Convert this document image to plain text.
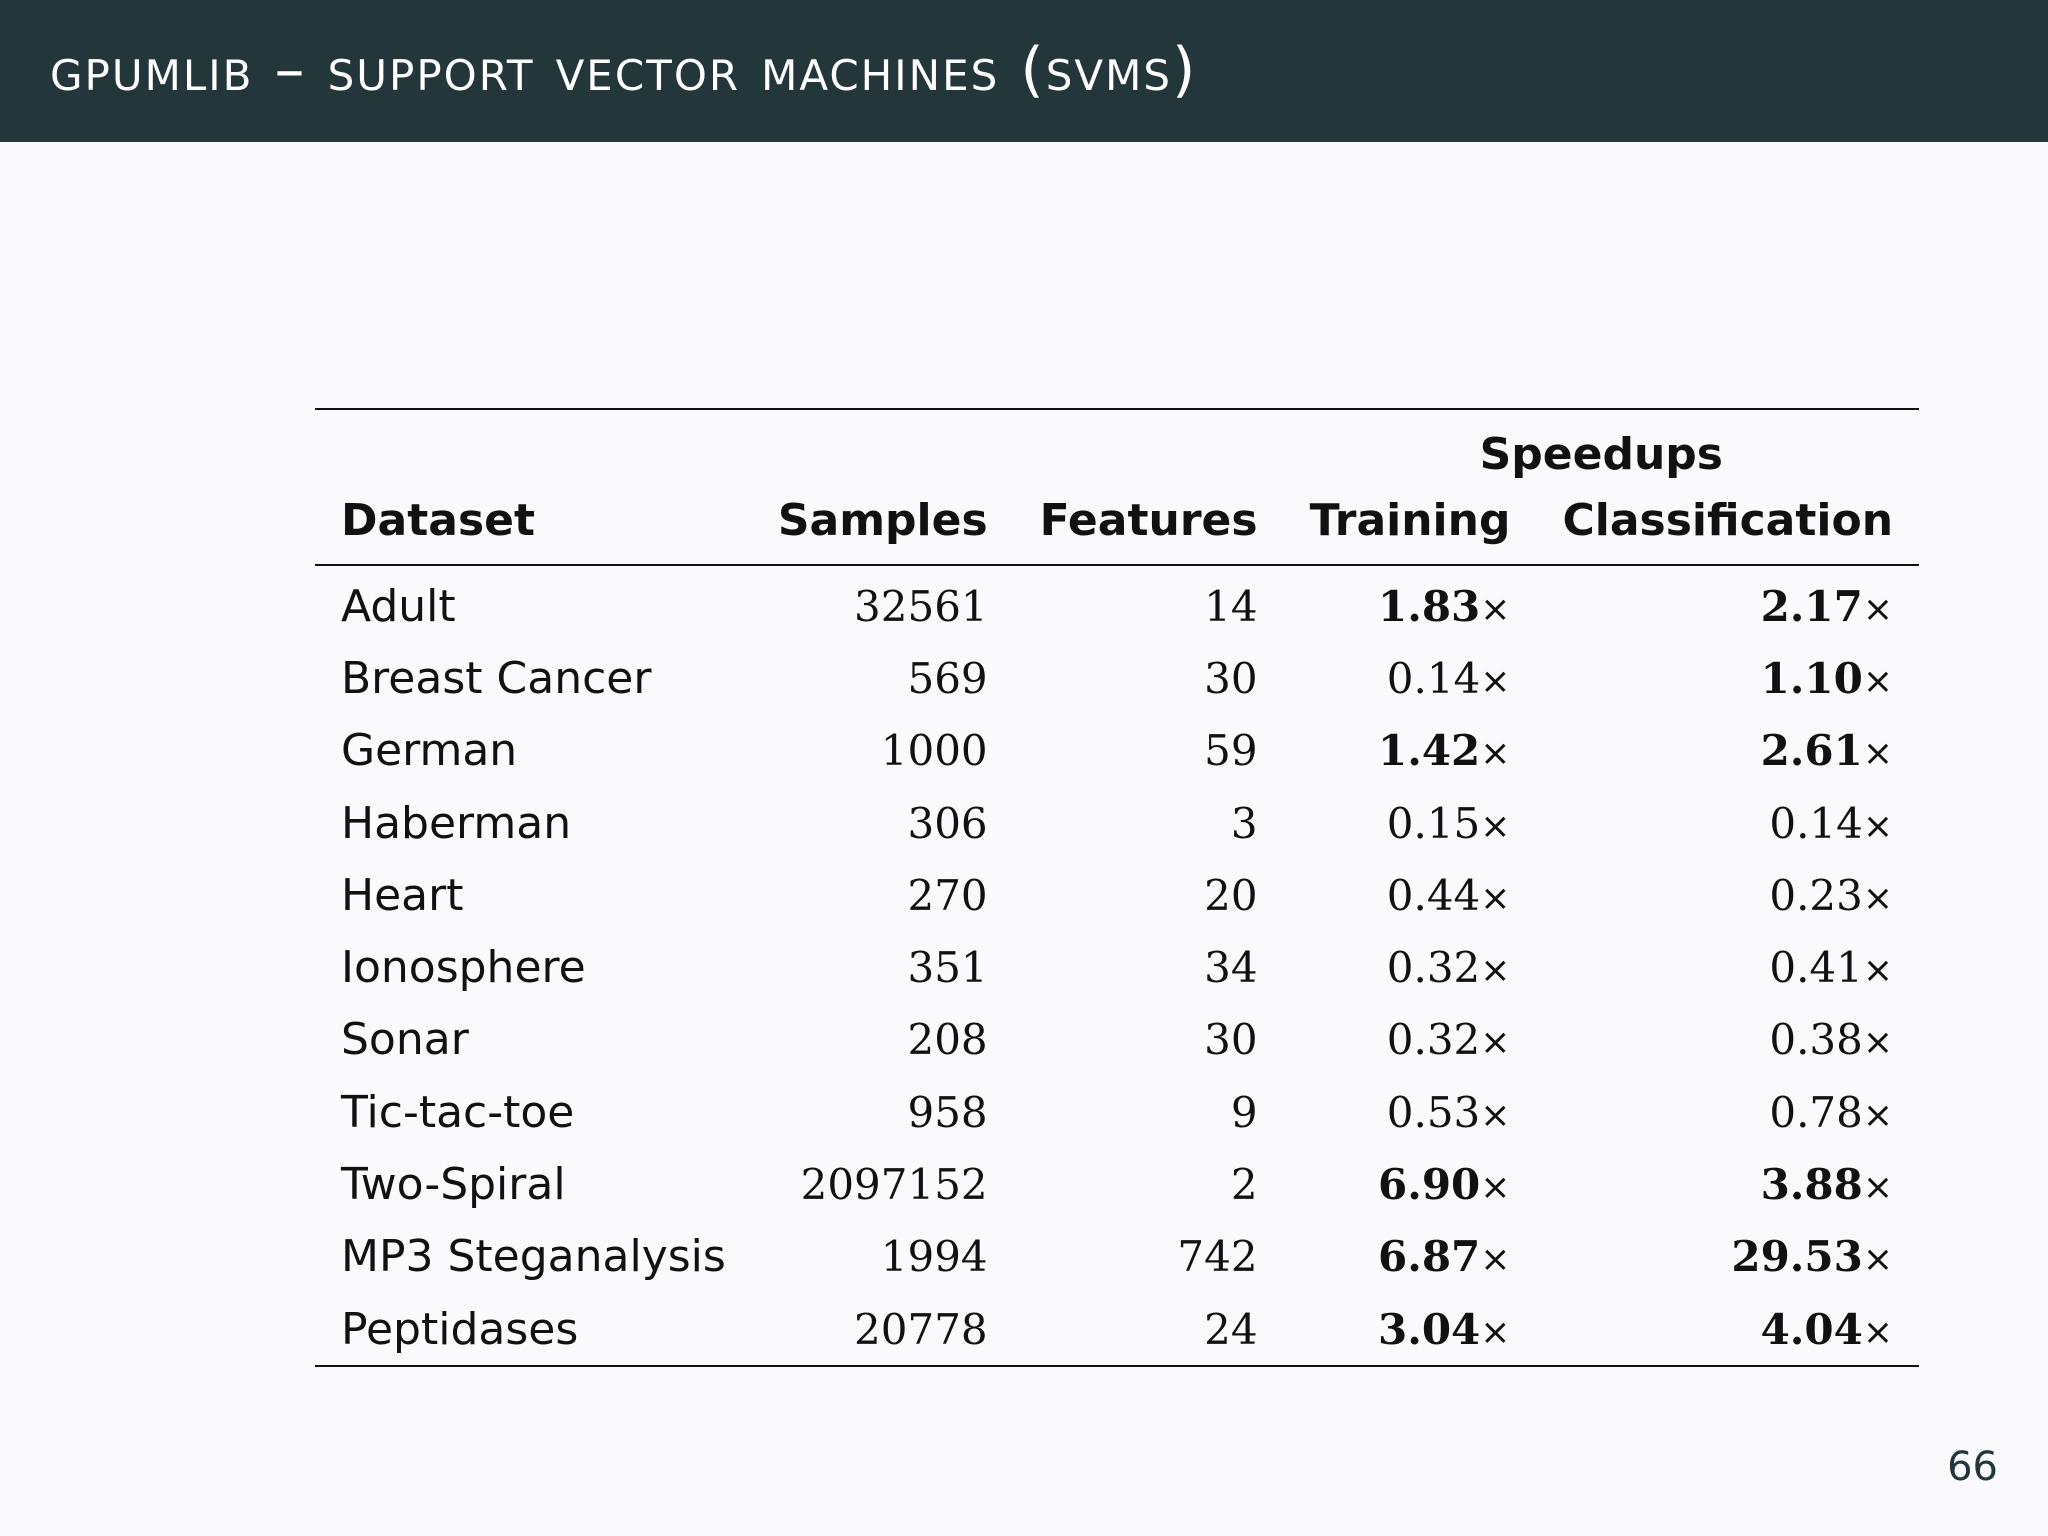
gpumlib – support vector machines (svms)

			Speedups	
Dataset	Samples	Features	Training	Classification

Adult	32561	14	1.83×	2.17×
Breast Cancer	569	30	0.14×	1.10×
German	1000	59	1.42×	2.61×
Haberman	306	3	0.15×	0.14×
Heart	270	20	0.44×	0.23×
Ionosphere	351	34	0.32×	0.41×
Sonar	208	30	0.32×	0.38×
Tic-tac-toe	958	9	0.53×	0.78×
Two-Spiral	2097152	2	6.90×	3.88×
MP3 Steganalysis	1994	742	6.87×	29.53×
Peptidases	20778	24	3.04×	4.04×

66
